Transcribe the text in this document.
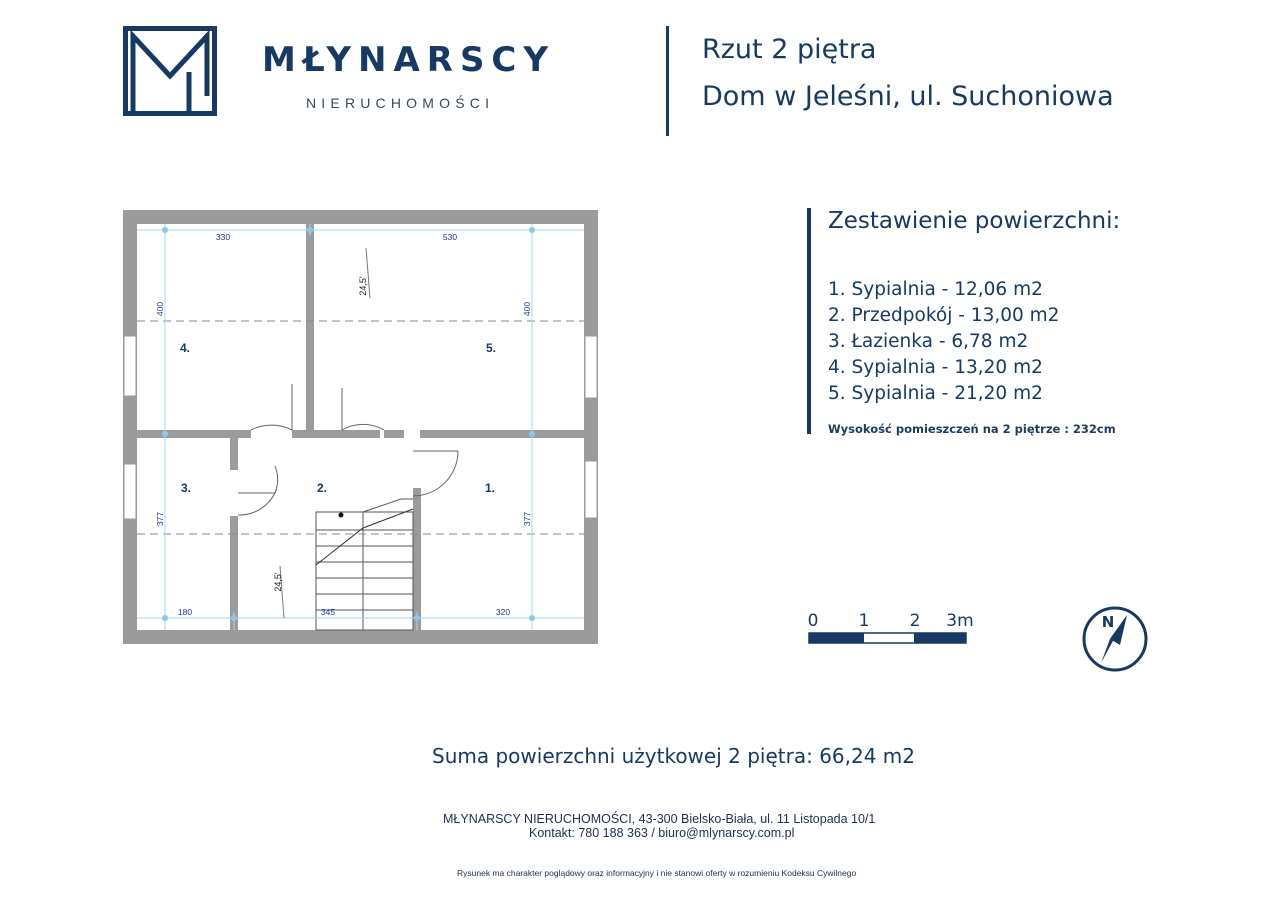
MŁYNARSCY
NIERUCHOMOŚCI
Rzut 2 piętra
Dom w Jeleśni, ul. Suchoniowa
330	530
180	345	320
400	400
377	377
24,5'
24,5'
1.
2.
3.
4.	5.
Zestawienie powierzchni:
1. Sypialnia - 12,06 m2
2. Przedpokój - 13,00 m2
3. Łazienka - 6,78 m2
4. Sypialnia - 13,20 m2
5. Sypialnia - 21,20 m2
Wysokość pomieszczeń na 2 piętrze : 232cm
0 1 2 3m	N
Suma powierzchni użytkowej 2 piętra: 66,24 m2
MŁYNARSCY NIERUCHOMOŚCI, 43-300 Bielsko-Biała, ul. 11 Listopada 10/1
Kontakt: 780 188 363 / biuro@mlynarscy.com.pl
Rysunek ma charakter poglądowy oraz informacyjny i nie stanowi oferty w rozumieniu Kodeksu Cywilnego
